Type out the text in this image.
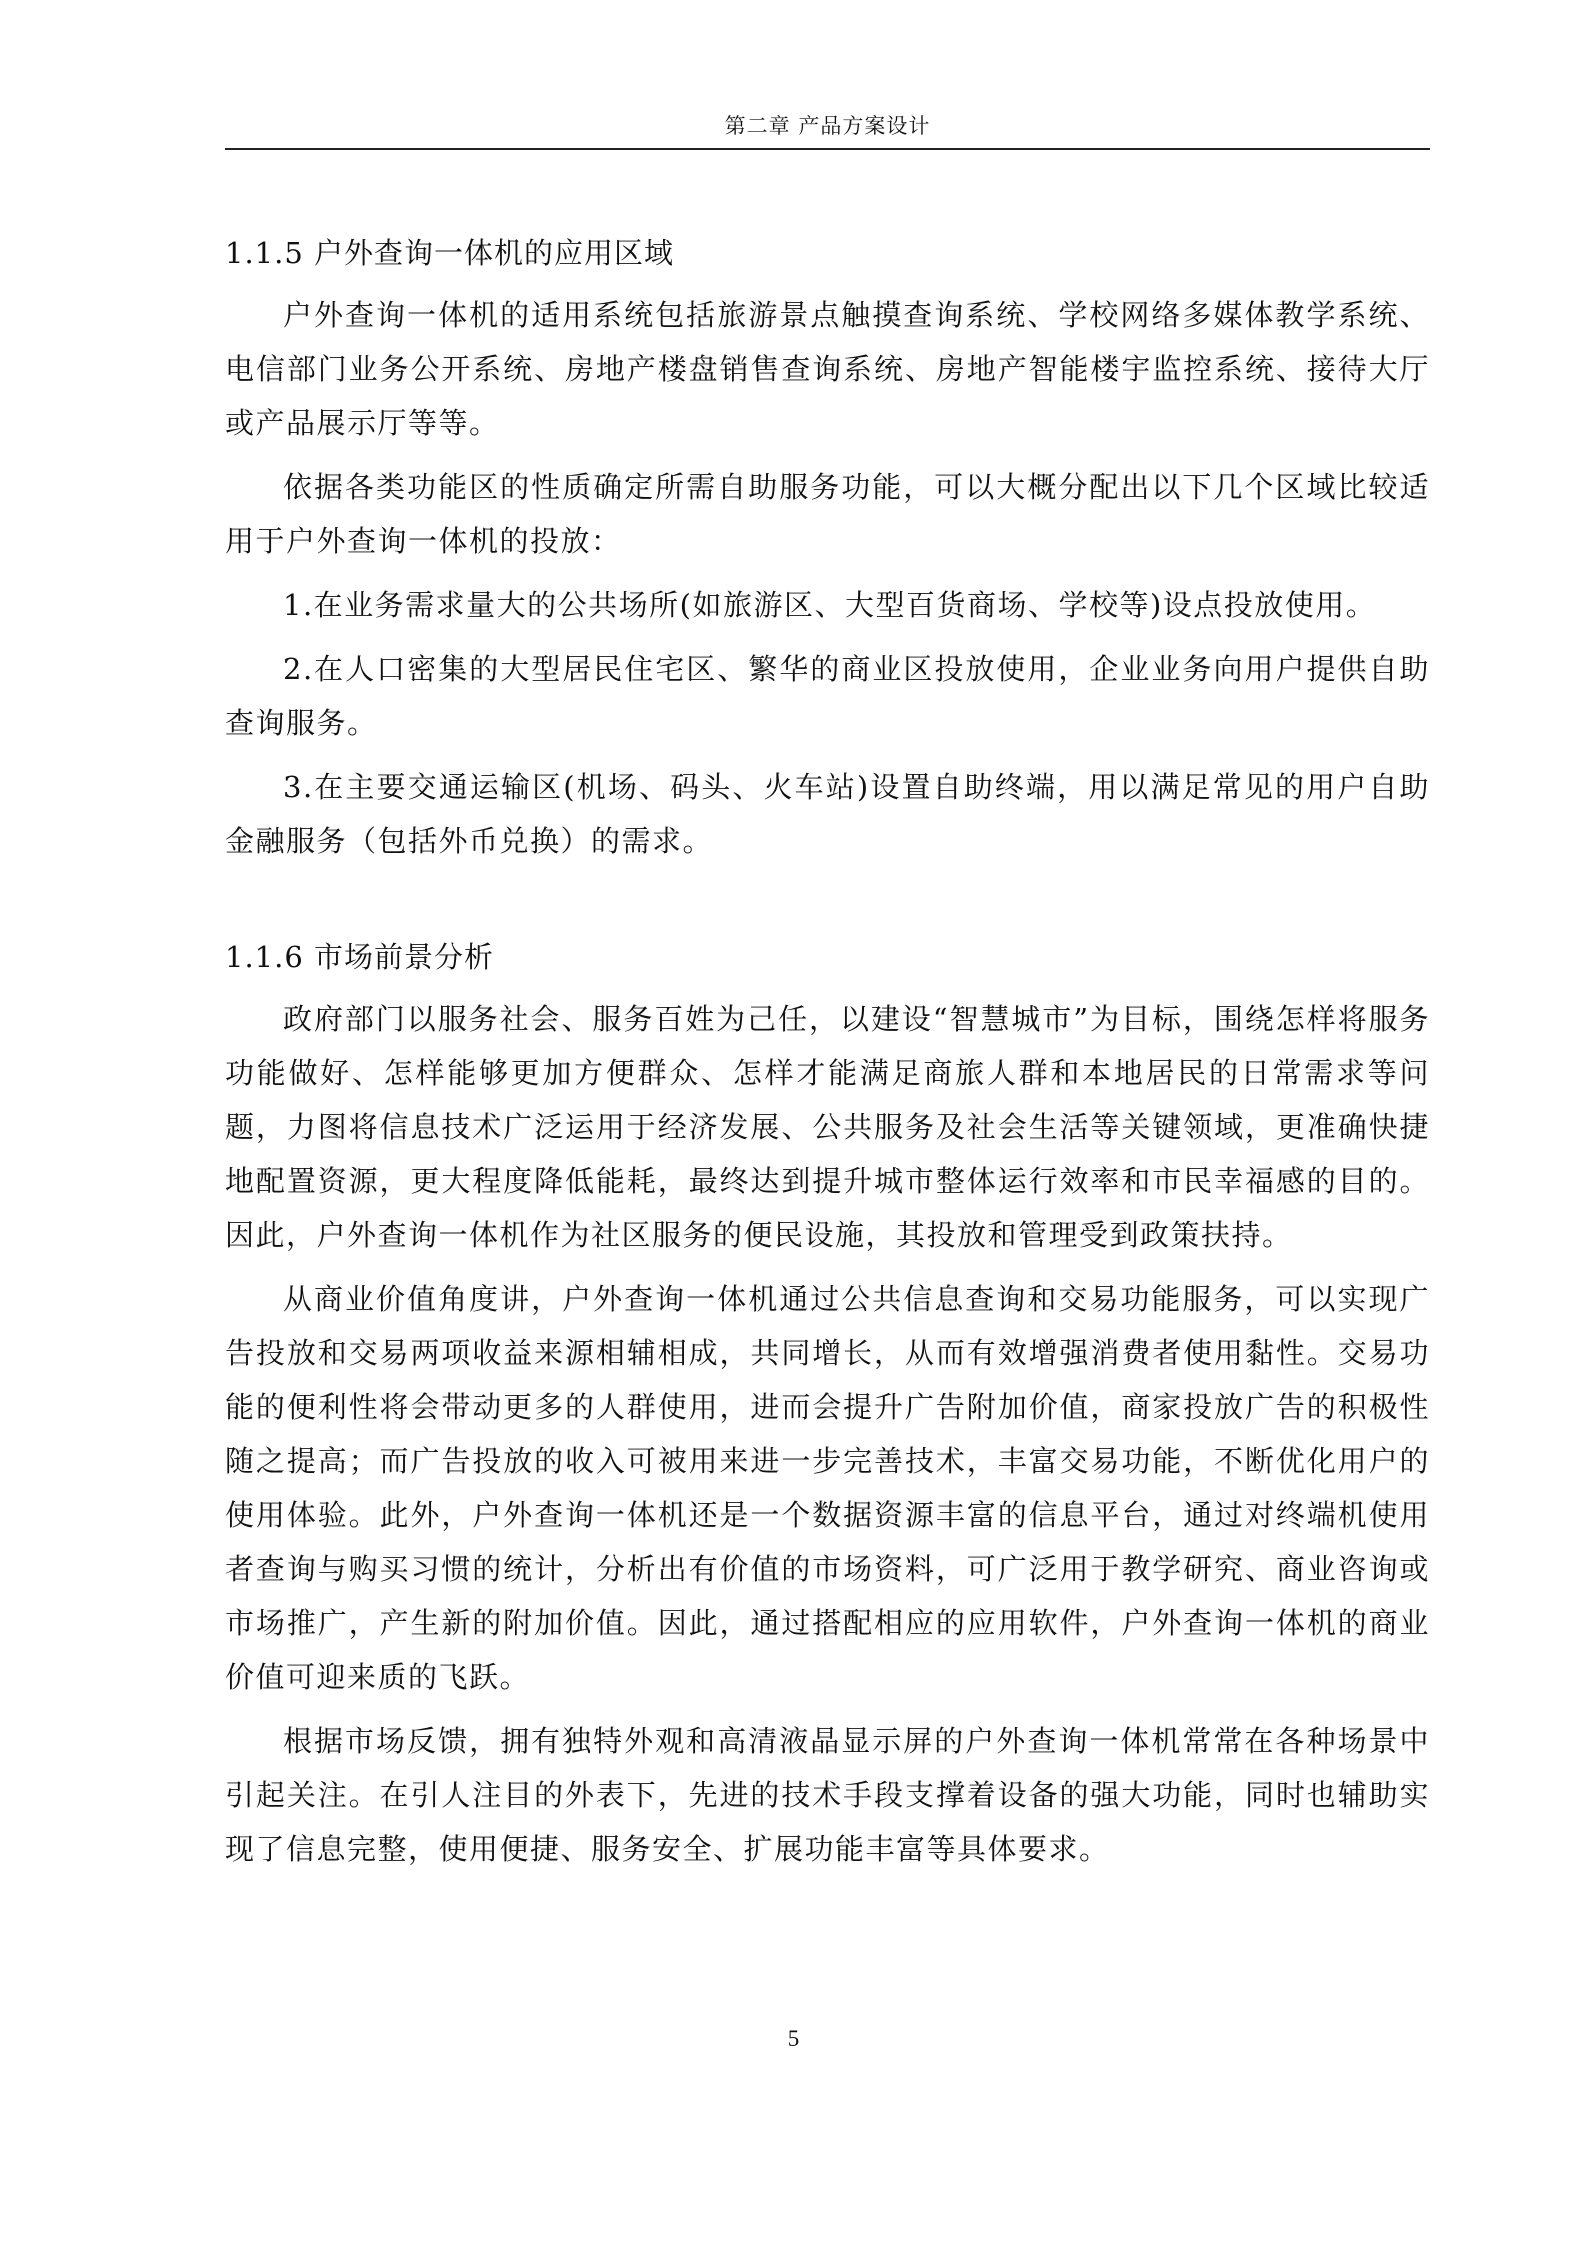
第二章 产品方案设计
1.1.5 户外查询一体机的应用区域

户外查询一体机的适用系统包括旅游景点触摸查询系统、学校网络多媒体教学系统、电信部门业务公开系统、房地产楼盘销售查询系统、房地产智能楼宇监控系统、接待大厅或产品展示厅等等。

依据各类功能区的性质确定所需自助服务功能，可以大概分配出以下几个区域比较适用于户外查询一体机的投放：

1.在业务需求量大的公共场所(如旅游区、大型百货商场、学校等)设点投放使用。

2.在人口密集的大型居民住宅区、繁华的商业区投放使用，企业业务向用户提供自助查询服务。

3.在主要交通运输区(机场、码头、火车站)设置自助终端，用以满足常见的用户自助金融服务（包括外币兑换）的需求。

1.1.6 市场前景分析

政府部门以服务社会、服务百姓为己任，以建设“智慧城市”为目标，围绕怎样将服务功能做好、怎样能够更加方便群众、怎样才能满足商旅人群和本地居民的日常需求等问题，力图将信息技术广泛运用于经济发展、公共服务及社会生活等关键领域，更准确快捷地配置资源，更大程度降低能耗，最终达到提升城市整体运行效率和市民幸福感的目的。因此，户外查询一体机作为社区服务的便民设施，其投放和管理受到政策扶持。

从商业价值角度讲，户外查询一体机通过公共信息查询和交易功能服务，可以实现广告投放和交易两项收益来源相辅相成，共同增长，从而有效增强消费者使用黏性。交易功能的便利性将会带动更多的人群使用，进而会提升广告附加价值，商家投放广告的积极性随之提高；而广告投放的收入可被用来进一步完善技术，丰富交易功能，不断优化用户的使用体验。此外，户外查询一体机还是一个数据资源丰富的信息平台，通过对终端机使用者查询与购买习惯的统计，分析出有价值的市场资料，可广泛用于教学研究、商业咨询或市场推广，产生新的附加价值。因此，通过搭配相应的应用软件，户外查询一体机的商业价值可迎来质的飞跃。

根据市场反馈，拥有独特外观和高清液晶显示屏的户外查询一体机常常在各种场景中引起关注。在引人注目的外表下，先进的技术手段支撑着设备的强大功能，同时也辅助实现了信息完整，使用便捷、服务安全、扩展功能丰富等具体要求。

5
